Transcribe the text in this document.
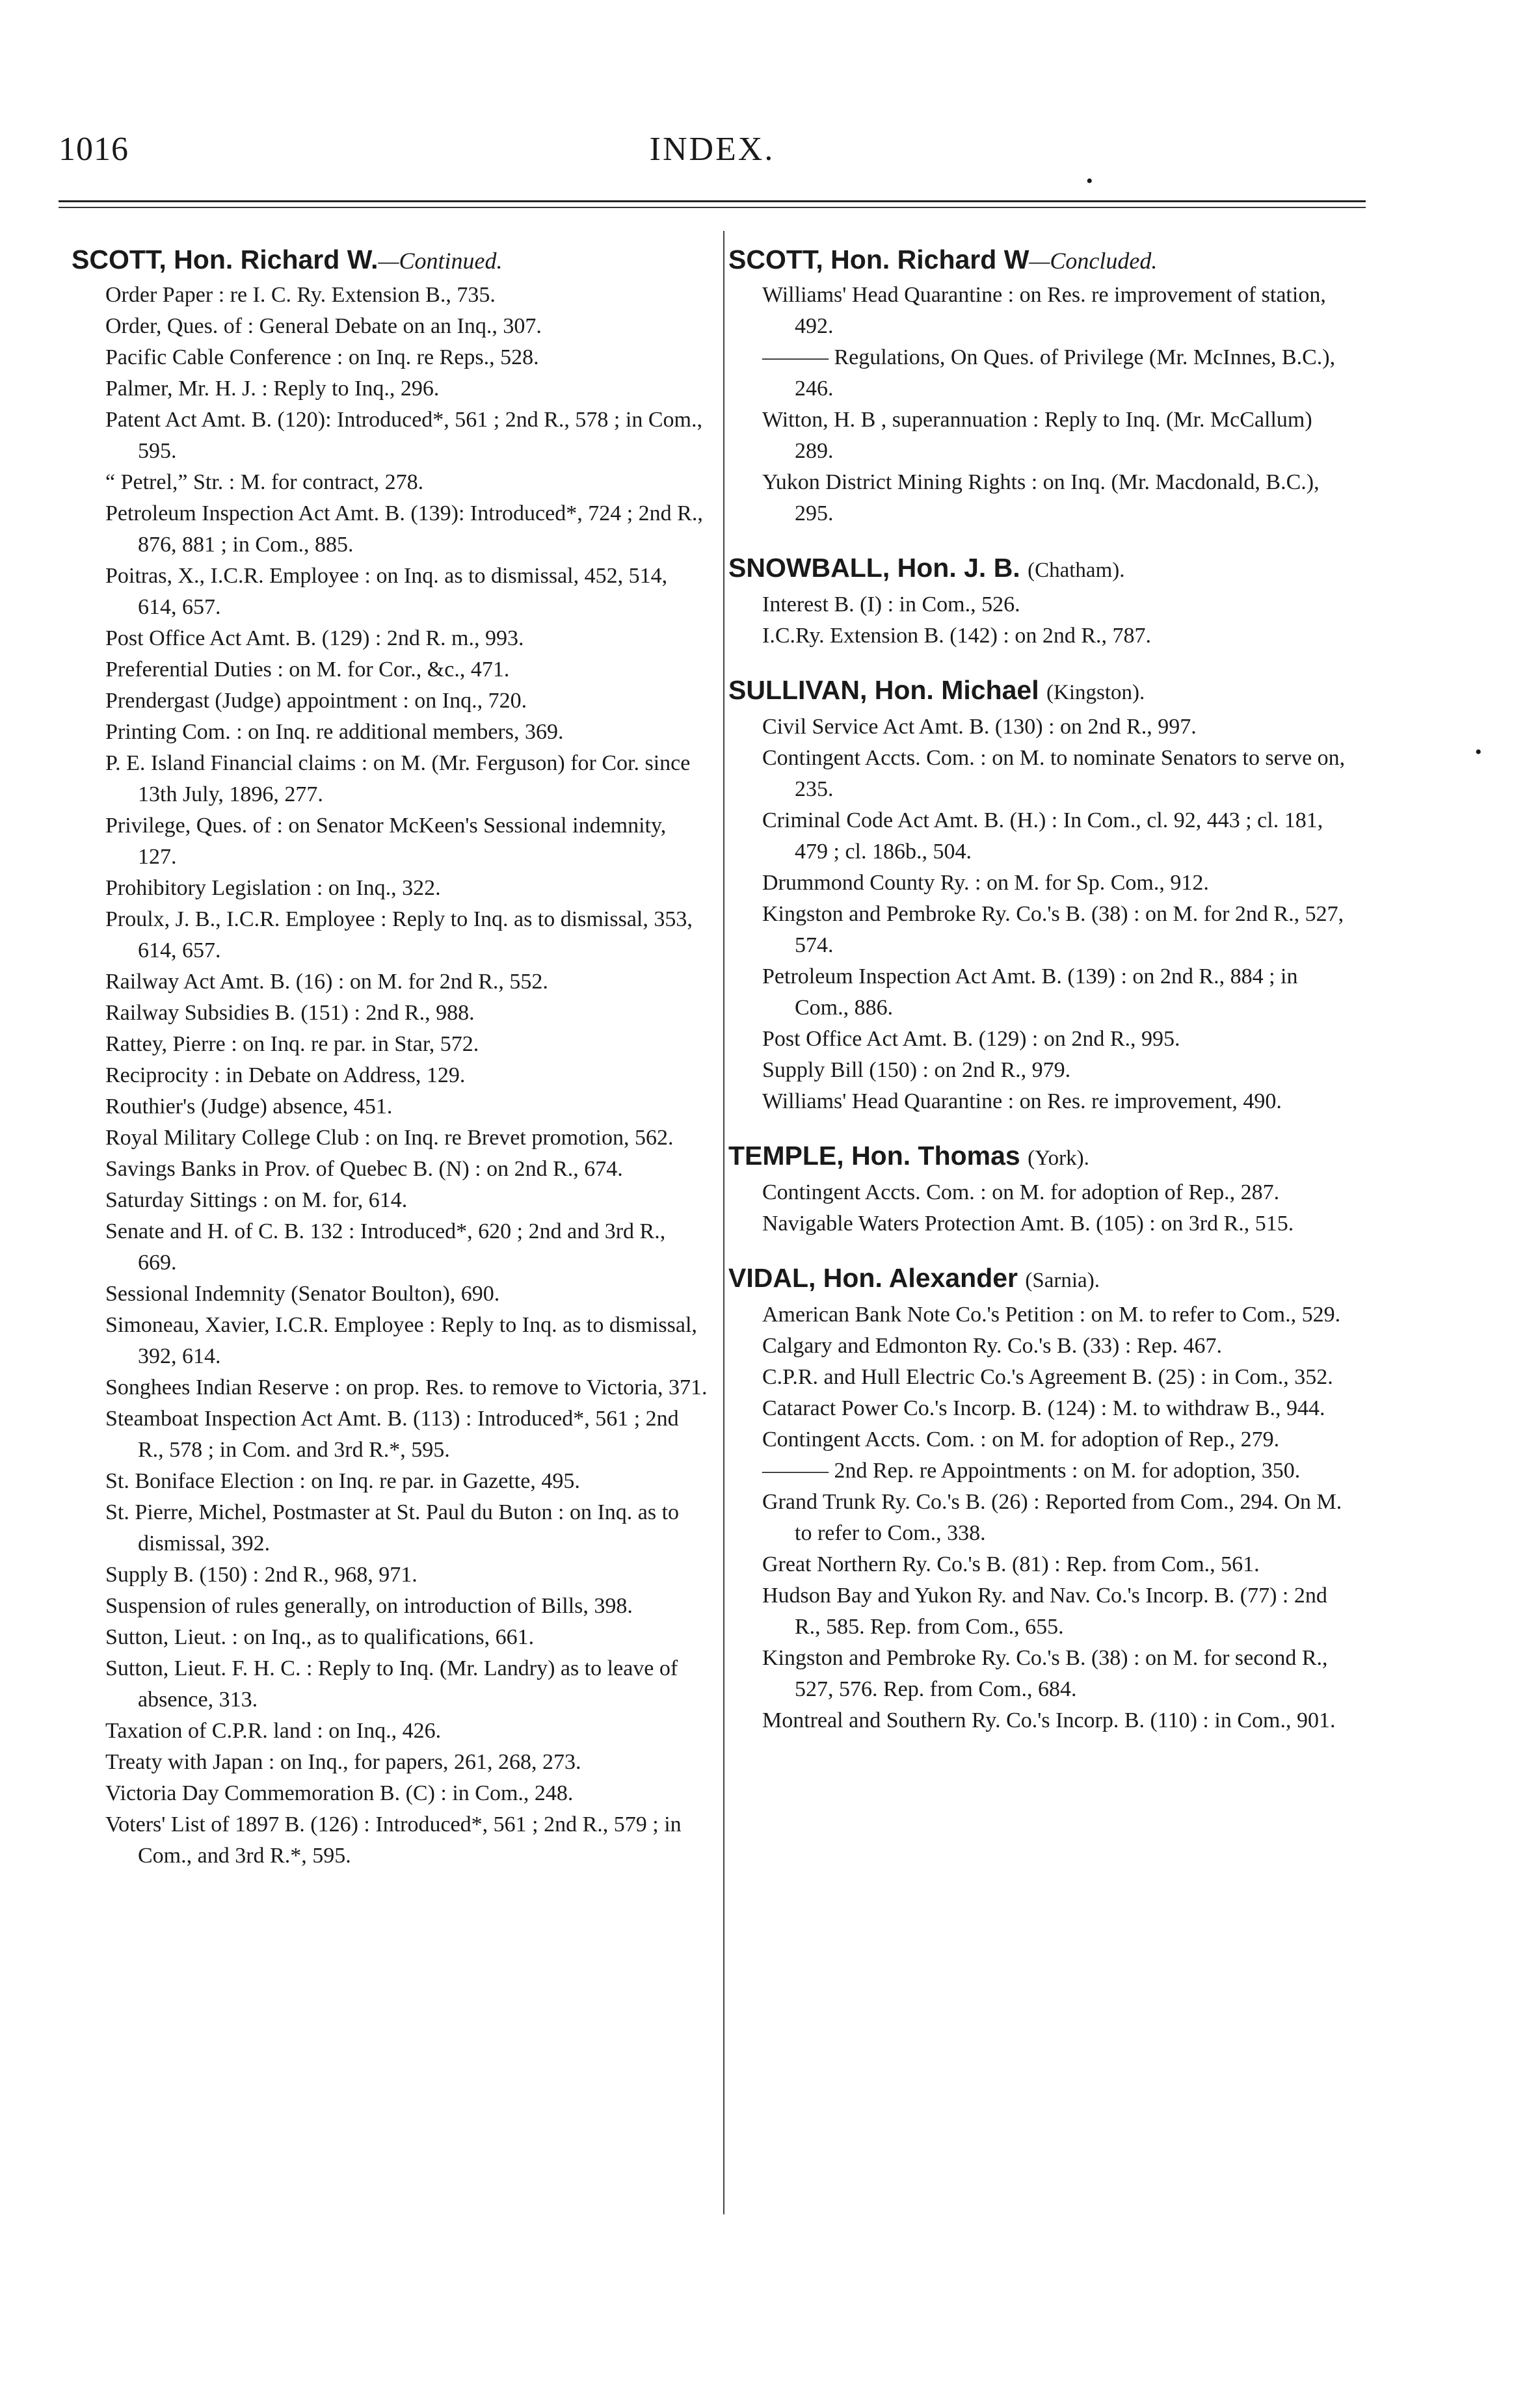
1016	INDEX.
SCOTT, Hon. Richard W.—Continued.
Order Paper : re I. C. Ry. Extension B., 735.
Order, Ques. of : General Debate on an Inq., 307.
Pacific Cable Conference : on Inq. re Reps., 528.
Palmer, Mr. H. J. : Reply to Inq., 296.
Patent Act Amt. B. (120): Introduced*, 561 ; 2nd R., 578 ; in Com., 595.
“ Petrel,” Str. : M. for contract, 278.
Petroleum Inspection Act Amt. B. (139): Introduced*, 724 ; 2nd R., 876, 881 ; in Com., 885.
Poitras, X., I.C.R. Employee : on Inq. as to dismissal, 452, 514, 614, 657.
Post Office Act Amt. B. (129) : 2nd R. m., 993.
Preferential Duties : on M. for Cor., &c., 471.
Prendergast (Judge) appointment : on Inq., 720.
Printing Com. : on Inq. re additional members, 369.
P. E. Island Financial claims : on M. (Mr. Ferguson) for Cor. since 13th July, 1896, 277.
Privilege, Ques. of : on Senator McKeen's Sessional indemnity, 127.
Prohibitory Legislation : on Inq., 322.
Proulx, J. B., I.C.R. Employee : Reply to Inq. as to dismissal, 353, 614, 657.
Railway Act Amt. B. (16) : on M. for 2nd R., 552.
Railway Subsidies B. (151) : 2nd R., 988.
Rattey, Pierre : on Inq. re par. in Star, 572.
Reciprocity : in Debate on Address, 129.
Routhier's (Judge) absence, 451.
Royal Military College Club : on Inq. re Brevet promotion, 562.
Savings Banks in Prov. of Quebec B. (N) : on 2nd R., 674.
Saturday Sittings : on M. for, 614.
Senate and H. of C. B. 132 : Introduced*, 620 ; 2nd and 3rd R., 669.
Sessional Indemnity (Senator Boulton), 690.
Simoneau, Xavier, I.C.R. Employee : Reply to Inq. as to dismissal, 392, 614.
Songhees Indian Reserve : on prop. Res. to remove to Victoria, 371.
Steamboat Inspection Act Amt. B. (113) : Introduced*, 561 ; 2nd R., 578 ; in Com. and 3rd R.*, 595.
St. Boniface Election : on Inq. re par. in Gazette, 495.
St. Pierre, Michel, Postmaster at St. Paul du Buton : on Inq. as to dismissal, 392.
Supply B. (150) : 2nd R., 968, 971.
Suspension of rules generally, on introduction of Bills, 398.
Sutton, Lieut. : on Inq., as to qualifications, 661.
Sutton, Lieut. F. H. C. : Reply to Inq. (Mr. Landry) as to leave of absence, 313.
Taxation of C.P.R. land : on Inq., 426.
Treaty with Japan : on Inq., for papers, 261, 268, 273.
Victoria Day Commemoration B. (C) : in Com., 248.
Voters' List of 1897 B. (126) : Introduced*, 561 ; 2nd R., 579 ; in Com., and 3rd R.*, 595.
SCOTT, Hon. Richard W—Concluded.
Williams' Head Quarantine : on Res. re improvement of station, 492.
——— Regulations, On Ques. of Privilege (Mr. McInnes, B.C.), 246.
Witton, H. B , superannuation : Reply to Inq. (Mr. McCallum) 289.
Yukon District Mining Rights : on Inq. (Mr. Macdonald, B.C.), 295.
SNOWBALL, Hon. J. B. (Chatham).
Interest B. (I) : in Com., 526.
I.C.Ry. Extension B. (142) : on 2nd R., 787.
SULLIVAN, Hon. Michael (Kingston).
Civil Service Act Amt. B. (130) : on 2nd R., 997.
Contingent Accts. Com. : on M. to nominate Senators to serve on, 235.
Criminal Code Act Amt. B. (H.) : In Com., cl. 92, 443 ; cl. 181, 479 ; cl. 186b., 504.
Drummond County Ry. : on M. for Sp. Com., 912.
Kingston and Pembroke Ry. Co.'s B. (38) : on M. for 2nd R., 527, 574.
Petroleum Inspection Act Amt. B. (139) : on 2nd R., 884 ; in Com., 886.
Post Office Act Amt. B. (129) : on 2nd R., 995.
Supply Bill (150) : on 2nd R., 979.
Williams' Head Quarantine : on Res. re improvement, 490.
TEMPLE, Hon. Thomas (York).
Contingent Accts. Com. : on M. for adoption of Rep., 287.
Navigable Waters Protection Amt. B. (105) : on 3rd R., 515.
VIDAL, Hon. Alexander (Sarnia).
American Bank Note Co.'s Petition : on M. to refer to Com., 529.
Calgary and Edmonton Ry. Co.'s B. (33) : Rep. 467.
C.P.R. and Hull Electric Co.'s Agreement B. (25) : in Com., 352.
Cataract Power Co.'s Incorp. B. (124) : M. to withdraw B., 944.
Contingent Accts. Com. : on M. for adoption of Rep., 279.
——— 2nd Rep. re Appointments : on M. for adoption, 350.
Grand Trunk Ry. Co.'s B. (26) : Reported from Com., 294. On M. to refer to Com., 338.
Great Northern Ry. Co.'s B. (81) : Rep. from Com., 561.
Hudson Bay and Yukon Ry. and Nav. Co.'s Incorp. B. (77) : 2nd R., 585. Rep. from Com., 655.
Kingston and Pembroke Ry. Co.'s B. (38) : on M. for second R., 527, 576. Rep. from Com., 684.
Montreal and Southern Ry. Co.'s Incorp. B. (110) : in Com., 901.
•
•
